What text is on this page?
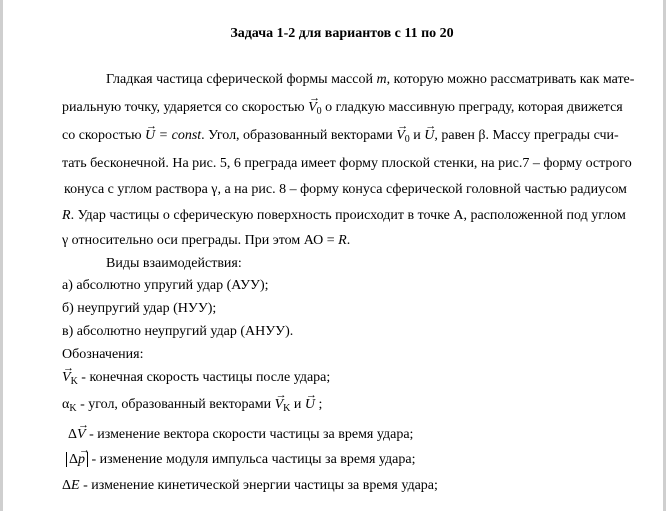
Задача 1-2 для вариантов с 11 по 20
Гладкая частица сферической формы массой m, которую можно рассматривать как мате-
риальную точку, ударяется со скоростью → $V_0$ о гладкую массивную преграду, которая движется
со скоростью → U = const. Угол, образованный векторами → $V_0$ и → U, равен β. Массу преграды счи-
тать бесконечной. На рис. 5, 6 преграда имеет форму плоской стенки, на рис.7 – форму острого
конуса с углом раствора γ, а на рис. 8 – форму конуса сферической головной частью радиусом
R. Удар частицы о сферическую поверхность происходит в точке А, расположенной под углом
γ относительно оси преграды. При этом АО = R.
Виды взаимодействия:
а) абсолютно упругий удар (АУУ);
б) неупругий удар (НУУ);
в) абсолютно неупругий удар (АНУУ).
Обозначения:
→ $V_K$ - конечная скорость частицы после удара;
$\alpha_K$ - угол, образованный векторами → $V_K$ и → U ;
Δ→ V - изменение вектора скорости частицы за время удара;
Δ→ p - изменение модуля импульса частицы за время удара;
ΔE - изменение кинетической энергии частицы за время удара;
